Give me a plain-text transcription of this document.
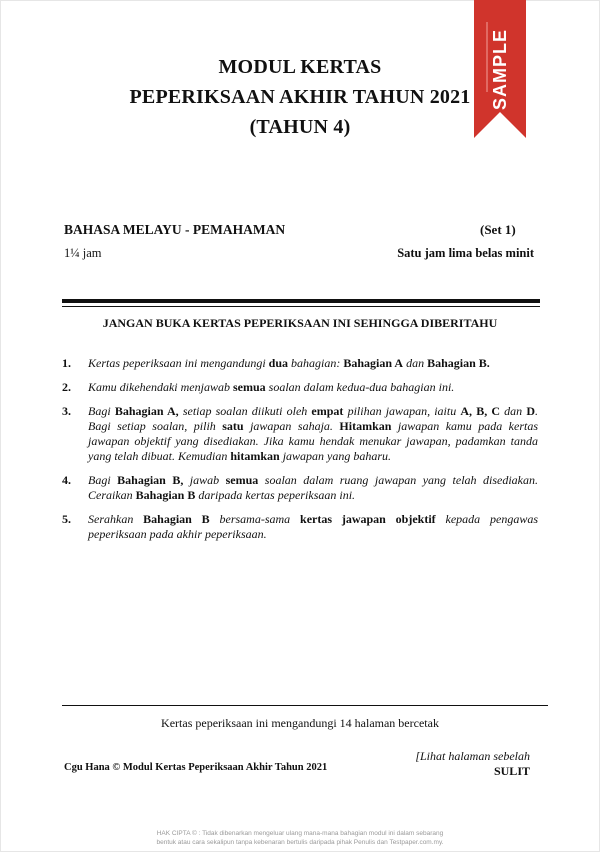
MODUL KERTAS
PEPERIKSAAN AKHIR TAHUN 2021
(TAHUN 4)
SAMPLE
BAHASA MELAYU - PEMAHAMAN	(Set 1)
1¼ jam	Satu jam lima belas minit
JANGAN BUKA KERTAS PEPERIKSAAN INI SEHINGGA DIBERITAHU
1. Kertas peperiksaan ini mengandungi dua bahagian: Bahagian A dan Bahagian B.
2. Kamu dikehendaki menjawab semua soalan dalam kedua-dua bahagian ini.
3. Bagi Bahagian A, setiap soalan diikuti oleh empat pilihan jawapan, iaitu A, B, C dan D. Bagi setiap soalan, pilih satu jawapan sahaja. Hitamkan jawapan kamu pada kertas jawapan objektif yang disediakan. Jika kamu hendak menukar jawapan, padamkan tanda yang telah dibuat. Kemudian hitamkan jawapan yang baharu.
4. Bagi Bahagian B, jawab semua soalan dalam ruang jawapan yang telah disediakan. Ceraikan Bahagian B daripada kertas peperiksaan ini.
5. Serahkan Bahagian B bersama-sama kertas jawapan objektif kepada pengawas peperiksaan pada akhir peperiksaan.
Kertas peperiksaan ini mengandungi 14 halaman bercetak
[Lihat halaman sebelah
Cgu Hana © Modul Kertas Peperiksaan Akhir Tahun 2021	SULIT
HAK CIPTA © : Tidak dibenarkan mengeluar ulang mana-mana bahagian modul ini dalam sebarang
bentuk atau cara sekalipun tanpa kebenaran bertulis daripada pihak Penulis dan Testpaper.com.my.
